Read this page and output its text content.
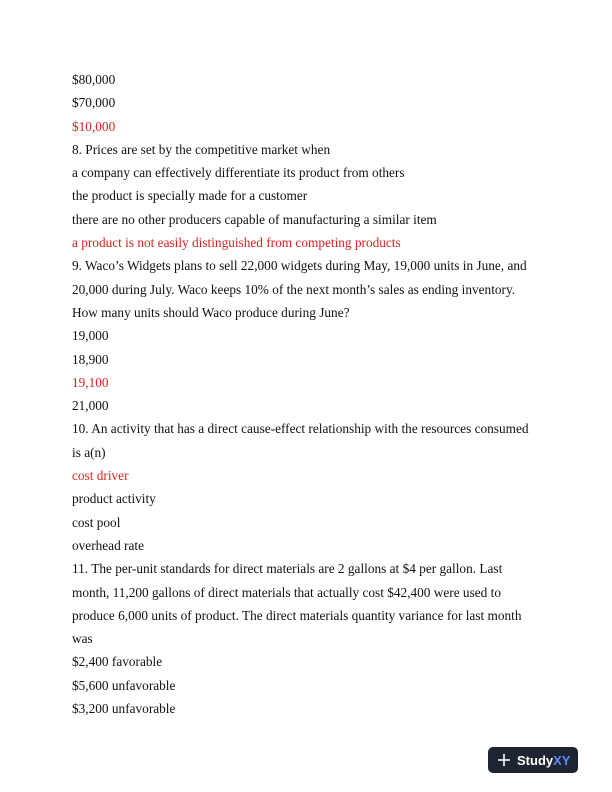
$80,000
$70,000
$10,000
8. Prices are set by the competitive market when
a company can effectively differentiate its product from others
the product is specially made for a customer
there are no other producers capable of manufacturing a similar item
a product is not easily distinguished from competing products
9. Waco’s Widgets plans to sell 22,000 widgets during May, 19,000 units in June, and
20,000 during July. Waco keeps 10% of the next month’s sales as ending inventory.
How many units should Waco produce during June?
19,000
18,900
19,100
21,000
10. An activity that has a direct cause-effect relationship with the resources consumed
is a(n)
cost driver
product activity
cost pool
overhead rate
11. The per-unit standards for direct materials are 2 gallons at $4 per gallon. Last
month, 11,200 gallons of direct materials that actually cost $42,400 were used to
produce 6,000 units of product. The direct materials quantity variance for last month
was
$2,400 favorable
$5,600 unfavorable
$3,200 unfavorable
Study XY
